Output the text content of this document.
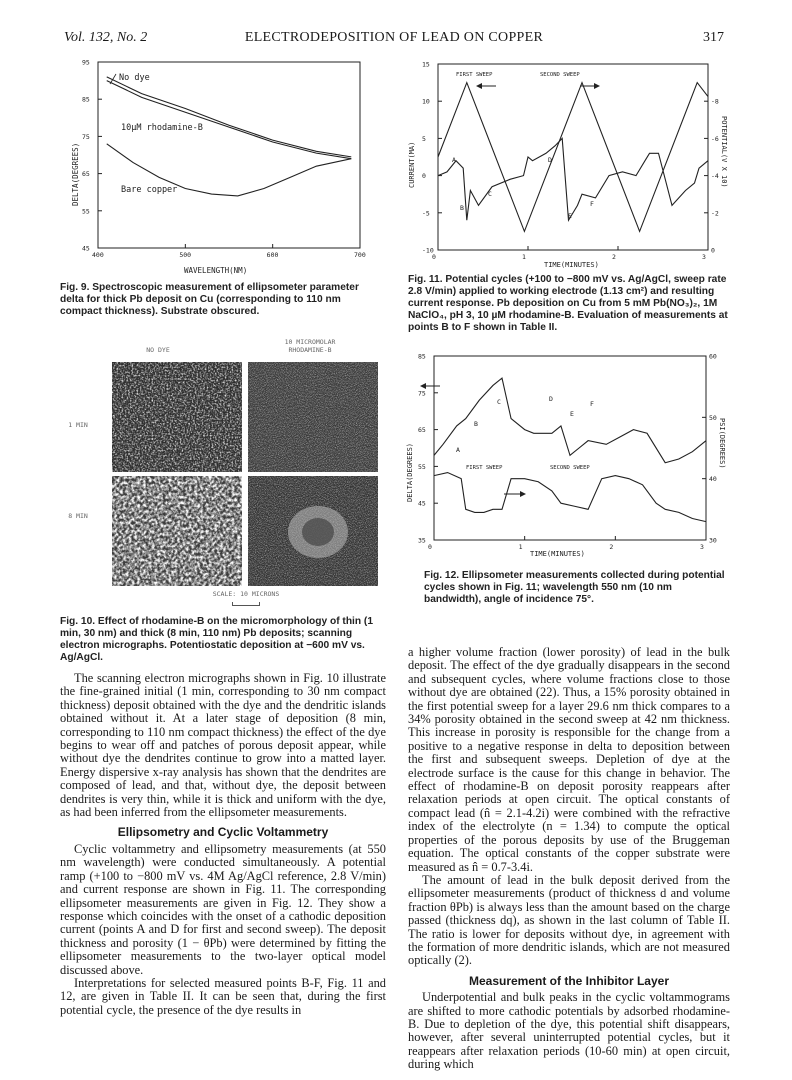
Vol. 132, No. 2	ELECTRODEPOSITION OF LEAD ON COPPER	317
400	500	600	700
45
55
65
75
85
95
No dye
10µM rhodamine-B
Bare copper
DELTA(DEGREES)
WAVELENGTH(NM)
Fig. 9. Spectroscopic measurement of ellipsometer parameter delta for thick Pb deposit on Cu (corresponding to 110 nm compact thickness). Substrate obscured.
NO DYE
10 MICROMOLAR RHODAMINE-B
1 MIN
8 MIN
SCALE: 10 MICRONS
Fig. 10. Effect of rhodamine-B on the micromorphology of thin (1 min, 30 nm) and thick (8 min, 110 nm) Pb deposits; scanning electron micrographs. Potentiostatic deposition at −600 mV vs. Ag/AgCl.
0	1	2	3
-10
-5
0
5
10
15
0
-2
-4
-6
-8
FIRST SWEEP	SECOND SWEEP
A
B
C
D
E
F
CURRENT(MA)	POTENTIAL(V X 10)
TIME(MINUTES)
Fig. 11. Potential cycles (+100 to −800 mV vs. Ag/AgCl, sweep rate 2.8 V/min) applied to working electrode (1.13 cm²) and resulting current response. Pb deposition on Cu from 5 mM Pb(NO₃)₂, 1M NaClO₄, pH 3, 10 µM rhodamine-B. Evaluation of measurements at points B to F shown in Table II.
0	1	2	3
35
45
55
65
75
85
30
40
50
60
FIRST SWEEP	SECOND SWEEP
A
B
C	D
E
F
DELTA(DEGREES)	PSI(DEGREES)
TIME(MINUTES)
Fig. 12. Ellipsometer measurements collected during potential cycles shown in Fig. 11; wavelength 550 nm (10 nm bandwidth), angle of incidence 75°.

The scanning electron micrographs shown in Fig. 10 illustrate the fine-grained initial (1 min, corresponding to 30 nm compact thickness) deposit obtained with the dye and the dendritic islands obtained without it. At a later stage of deposition (8 min, corresponding to 110 nm compact thickness) the effect of the dye begins to wear off and patches of porous deposit appear, while without dye the dendrites continue to grow into a matted layer. Energy dispersive x-ray analysis has shown that the dendrites are composed of lead, and that, without dye, the deposit between dendrites is very thin, while it is thick and uniform with the dye, as had been inferred from the ellipsometer measurements.

Ellipsometry and Cyclic Voltammetry

Cyclic voltammetry and ellipsometry measurements (at 550 nm wavelength) were conducted simultaneously. A potential ramp (+100 to −800 mV vs. 4M Ag/AgCl reference, 2.8 V/min) and current response are shown in Fig. 11. The corresponding ellipsometer measurements are given in Fig. 12. They show a response which coincides with the onset of a cathodic deposition current (points A and D for first and second sweep). The deposit thickness and porosity (1 − θPb) were determined by fitting the ellipsometer measurements to the two-layer optical model discussed above.

Interpretations for selected measured points B-F, Fig. 11 and 12, are given in Table II. It can be seen that, during the first potential cycle, the presence of the dye results in

a higher volume fraction (lower porosity) of lead in the bulk deposit. The effect of the dye gradually disappears in the second and subsequent cycles, where volume fractions close to those without dye are obtained (22). Thus, a 15% porosity obtained in the first potential sweep for a layer 29.6 nm thick compares to a 34% porosity obtained in the second sweep at 42 nm thickness. This increase in porosity is responsible for the change from a positive to a negative response in delta to deposition between the first and subsequent sweeps. Depletion of dye at the electrode surface is the cause for this change in behavior. The effect of rhodamine-B on deposit porosity reappears after relaxation periods at open circuit. The optical constants of compact lead (n̂ = 2.1-4.2i) were combined with the refractive index of the electrolyte (n = 1.34) to compute the optical properties of the porous deposits by use of the Bruggeman equation. The optical constants of the copper substrate were measured as n̂ = 0.7-3.4i.

The amount of lead in the bulk deposit derived from the ellipsometer measurements (product of thickness d and volume fraction θPb) is always less than the amount based on the charge passed (thickness dq), as shown in the last column of Table II. The ratio is lower for deposits without dye, in agreement with the formation of more dendritic islands, which are not measured optically (2).

Measurement of the Inhibitor Layer

Underpotential and bulk peaks in the cyclic voltammograms are shifted to more cathodic potentials by adsorbed rhodamine-B. Due to depletion of the dye, this potential shift disappears, however, after several uninterrupted potential cycles, but it reappears after relaxation periods (10-60 min) at open circuit, during which
